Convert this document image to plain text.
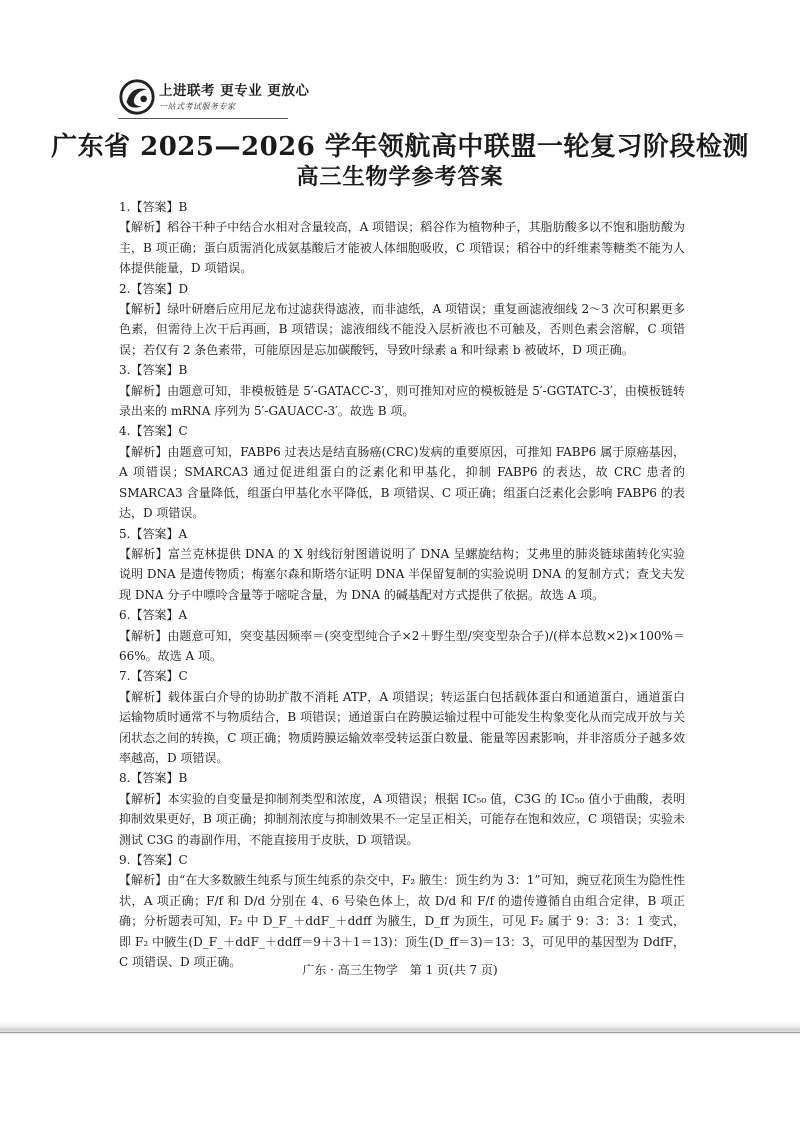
上进联考 更专业 更放心
一站式考试服务专家
广东省 2025—2026 学年领航高中联盟一轮复习阶段检测
高三生物学参考答案

1.【答案】B

【解析】稻谷干种子中结合水相对含量较高，A 项错误；稻谷作为植物种子，其脂肪酸多以不饱和脂肪酸为主，B 项正确；蛋白质需消化成氨基酸后才能被人体细胞吸收，C 项错误；稻谷中的纤维素等糖类不能为人体提供能量，D 项错误。

2.【答案】D

【解析】绿叶研磨后应用尼龙布过滤获得滤液，而非滤纸，A 项错误；重复画滤液细线 2～3 次可积累更多色素，但需待上次干后再画，B 项错误；滤液细线不能没入层析液也不可触及，否则色素会溶解，C 项错误；若仅有 2 条色素带，可能原因是忘加碳酸钙，导致叶绿素 a 和叶绿素 b 被破坏，D 项正确。

3.【答案】B

【解析】由题意可知，非模板链是 5′-GATACC-3′，则可推知对应的模板链是 5′-GGTATC-3′，由模板链转录出来的 mRNA 序列为 5′-GAUACC-3′。故选 B 项。

4.【答案】C

【解析】由题意可知，FABP6 过表达是结直肠癌(CRC)发病的重要原因，可推知 FABP6 属于原癌基因，A 项错误；SMARCA3 通过促进组蛋白的泛素化和甲基化，抑制 FABP6 的表达，故 CRC 患者的 SMARCA3 含量降低，组蛋白甲基化水平降低，B 项错误、C 项正确；组蛋白泛素化会影响 FABP6 的表达，D 项错误。

5.【答案】A

【解析】富兰克林提供 DNA 的 X 射线衍射图谱说明了 DNA 呈螺旋结构；艾弗里的肺炎链球菌转化实验说明 DNA 是遗传物质；梅塞尔森和斯塔尔证明 DNA 半保留复制的实验说明 DNA 的复制方式；查戈夫发现 DNA 分子中嘌呤含量等于嘧啶含量，为 DNA 的碱基配对方式提供了依据。故选 A 项。

6.【答案】A

【解析】由题意可知，突变基因频率＝(突变型纯合子×2＋野生型/突变型杂合子)/(样本总数×2)×100%＝66%。故选 A 项。

7.【答案】C

【解析】载体蛋白介导的协助扩散不消耗 ATP，A 项错误；转运蛋白包括载体蛋白和通道蛋白，通道蛋白运输物质时通常不与物质结合，B 项错误；通道蛋白在跨膜运输过程中可能发生构象变化从而完成开放与关闭状态之间的转换，C 项正确；物质跨膜运输效率受转运蛋白数量、能量等因素影响，并非溶质分子越多效率越高，D 项错误。

8.【答案】B

【解析】本实验的自变量是抑制剂类型和浓度，A 项错误；根据 IC₅₀ 值，C3G 的 IC₅₀ 值小于曲酸，表明抑制效果更好，B 项正确；抑制剂浓度与抑制效果不一定呈正相关，可能存在饱和效应，C 项错误；实验未测试 C3G 的毒副作用，不能直接用于皮肤，D 项错误。

9.【答案】C

【解析】由“在大多数腋生纯系与顶生纯系的杂交中，F₂ 腋生：顶生约为 3：1”可知，豌豆花顶生为隐性性状，A 项正确；F/f 和 D/d 分别在 4、6 号染色体上，故 D/d 和 F/f 的遗传遵循自由组合定律，B 项正确；分析题表可知，F₂ 中 D_F_＋ddF_＋ddff 为腋生，D_ff 为顶生，可见 F₂ 属于 9：3：3：1 变式，即 F₂ 中腋生(D_F_＋ddF_＋ddff＝9＋3＋1＝13)：顶生(D_ff＝3)＝13：3，可见甲的基因型为 DdfF，C 项错误、D 项正确。

广东 · 高三生物学　第 1 页(共 7 页)
